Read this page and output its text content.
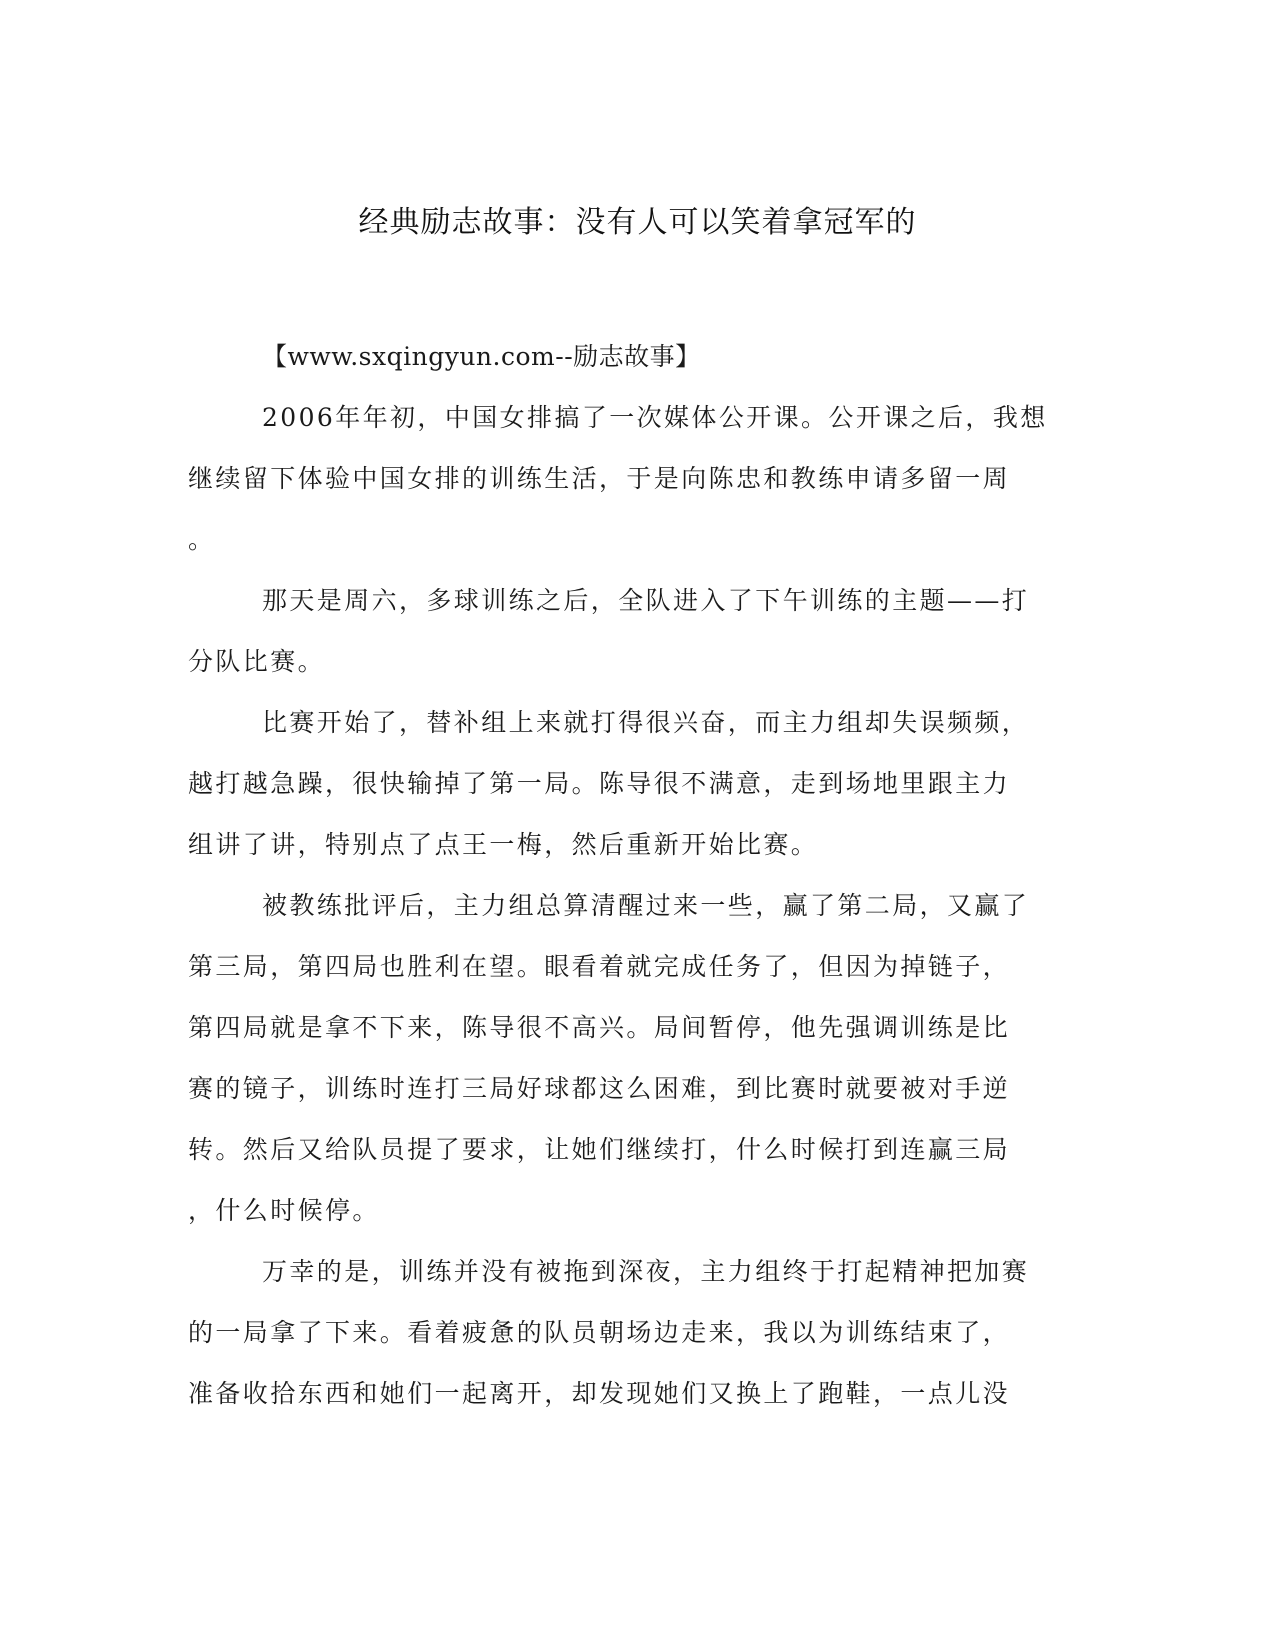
经典励志故事：没有人可以笑着拿冠军的
【www.sxqingyun.com--励志故事】
2006年年初，中国女排搞了一次媒体公开课。公开课之后，我想
继续留下体验中国女排的训练生活，于是向陈忠和教练申请多留一周
。
那天是周六，多球训练之后，全队进入了下午训练的主题——打
分队比赛。
比赛开始了，替补组上来就打得很兴奋，而主力组却失误频频，
越打越急躁，很快输掉了第一局。陈导很不满意，走到场地里跟主力
组讲了讲，特别点了点王一梅，然后重新开始比赛。
被教练批评后，主力组总算清醒过来一些，赢了第二局，又赢了
第三局，第四局也胜利在望。眼看着就完成任务了，但因为掉链子，
第四局就是拿不下来，陈导很不高兴。局间暂停，他先强调训练是比
赛的镜子，训练时连打三局好球都这么困难，到比赛时就要被对手逆
转。然后又给队员提了要求，让她们继续打，什么时候打到连赢三局
，什么时候停。
万幸的是，训练并没有被拖到深夜，主力组终于打起精神把加赛
的一局拿了下来。看着疲惫的队员朝场边走来，我以为训练结束了，
准备收拾东西和她们一起离开，却发现她们又换上了跑鞋，一点儿没
